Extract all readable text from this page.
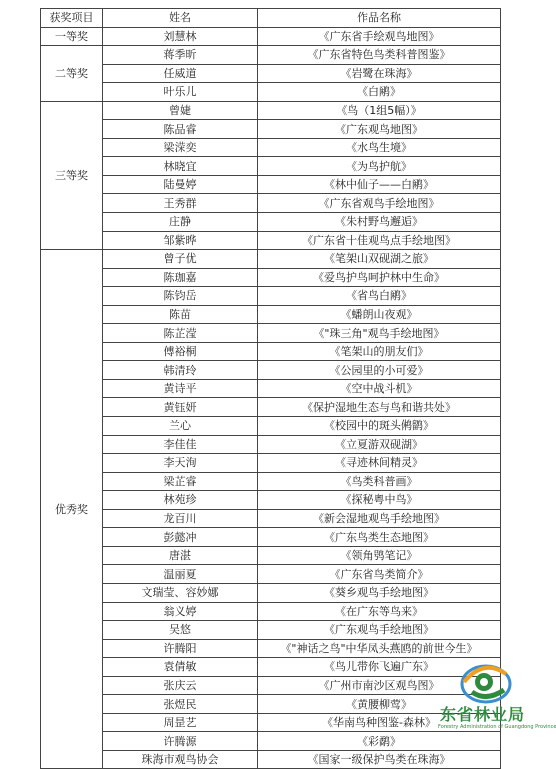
获奖项目	姓名	作品名称
一等奖	刘慧林	《广东省手绘观鸟地图》
二等奖	蒋季昕	《广东省特色鸟类科普图鉴》
	任威道	《岩鹭在珠海》
	叶乐儿	《白鹇》
三等奖	曾婕	《鸟（1组5幅）》
	陈品睿	《广东观鸟地图》
	梁溁奕	《水鸟生境》
	林晓宜	《为鸟护航》
	陆曼婷	《林中仙子——白鹇》
	王秀群	《广东省观鸟手绘地图》
	庄静	《朱村野鸟邂逅》
	邹紫晔	《广东省十佳观鸟点手绘地图》
优秀奖	曾子优	《笔架山双砚湖之旅》
	陈珈嘉	《爱鸟护鸟呵护林中生命》
	陈钧岳	《省鸟白鹇》
	陈苗	《蟠朗山夜观》
	陈芷滢	《"珠三角"观鸟手绘地图》
	傅裕桐	《笔架山的朋友们》
	韩清玲	《公园里的小可爱》
	黄诗平	《空中战斗机》
	黄钰妍	《保护湿地生态与鸟和谐共处》
	兰心	《校园中的斑头鸺鹠》
	李佳佳	《立夏游双砚湖》
	李天洵	《寻迹林间精灵》
	梁芷睿	《鸟类科普画》
	林苑珍	《探秘粤中鸟》
	龙百川	《新会湿地观鸟手绘地图》
	彭懿冲	《广东鸟类生态地图》
	唐湛	《领角鸮笔记》
	温丽夏	《广东省鸟类简介》
	文瑞莹、容妙娜	《葵乡观鸟手绘地图》
	翁义婷	《在广东等鸟来》
	吴悠	《广东观鸟手绘地图》
	许腾阳	《"神话之鸟"中华凤头燕鸥的前世今生》
	袁倩敏	《鸟儿带你飞遍广东》
	张庆云	《广州市南沙区观鸟图》
	张煜民	《黄腰柳莺》
	周昰艺	《华南鸟种图鉴-森林》
	许腾源	《彩鹬》
	珠海市观鸟协会	《国家一级保护鸟类在珠海》
东省林业局
Forestry Administration of Guangdong Province
